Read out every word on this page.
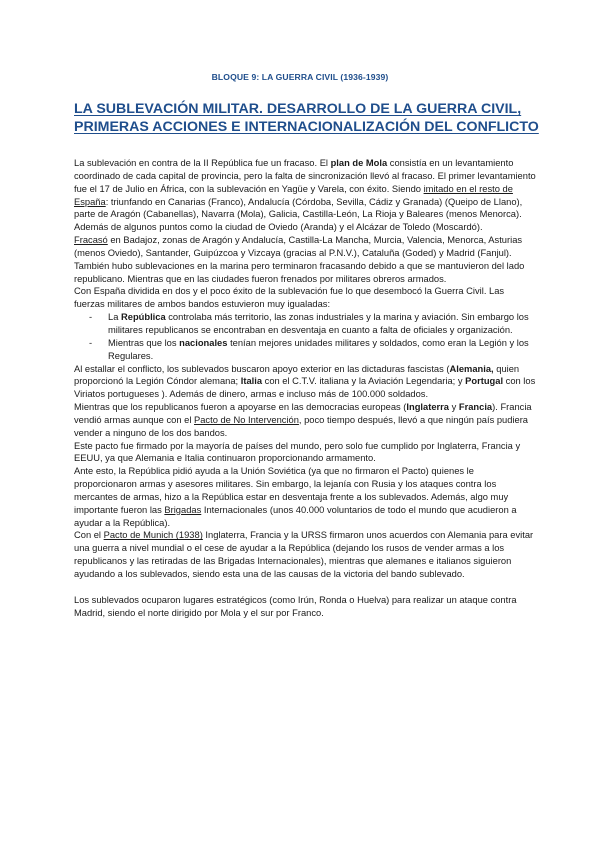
BLOQUE 9: LA GUERRA CIVIL (1936-1939)
LA SUBLEVACIÓN MILITAR. DESARROLLO DE LA GUERRA CIVIL, PRIMERAS ACCIONES E INTERNACIONALIZACIÓN DEL CONFLICTO

La sublevación en contra de la II República fue un fracaso. El plan de Mola consistía en un levantamiento coordinado de cada capital de provincia, pero la falta de sincronización llevó al fracaso. El primer levantamiento fue el 17 de Julio en África, con la sublevación en Yagüe y Varela, con éxito. Siendo imitado en el resto de España: triunfando en Canarias (Franco), Andalucía (Córdoba, Sevilla, Cádiz y Granada) (Queipo de Llano), parte de Aragón (Cabanellas), Navarra (Mola), Galicia, Castilla-León, La Rioja y Baleares (menos Menorca). Además de algunos puntos como la ciudad de Oviedo (Aranda) y el Alcázar de Toledo (Moscardó).

Fracasó en Badajoz, zonas de Aragón y Andalucía, Castilla-La Mancha, Murcia, Valencia, Menorca, Asturias (menos Oviedo), Santander, Guipúzcoa y Vizcaya (gracias al P.N.V.), Cataluña (Goded) y Madrid (Fanjul). También hubo sublevaciones en la marina pero terminaron fracasando debido a que se mantuvieron del lado republicano. Mientras que en las ciudades fueron frenados por militares obreros armados.

Con España dividida en dos y el poco éxito de la sublevación fue lo que desembocó la Guerra Civil. Las fuerzas militares de ambos bandos estuvieron muy igualadas:

- La República controlaba más territorio, las zonas industriales y la marina y aviación. Sin embargo los militares republicanos se encontraban en desventaja en cuanto a falta de oficiales y organización.
- Mientras que los nacionales tenían mejores unidades militares y soldados, como eran la Legión y los Regulares.

Al estallar el conflicto, los sublevados buscaron apoyo exterior en las dictaduras fascistas (Alemania, quien proporcionó la Legión Cóndor alemana; Italia con el C.T.V. italiana y la Aviación Legendaria; y Portugal con los Viriatos portugueses ). Además de dinero, armas e incluso más de 100.000 soldados.

Mientras que los republicanos fueron a apoyarse en las democracias europeas (Inglaterra y Francia). Francia vendió armas aunque con el Pacto de No Intervención, poco tiempo después, llevó a que ningún país pudiera vender a ninguno de los dos bandos.

Este pacto fue firmado por la mayoría de países del mundo, pero solo fue cumplido por Inglaterra, Francia y EEUU, ya que Alemania e Italia continuaron proporcionando armamento.

Ante esto, la República pidió ayuda a la Unión Soviética (ya que no firmaron el Pacto) quienes le proporcionaron armas y asesores militares. Sin embargo, la lejanía con Rusia y los ataques contra los mercantes de armas, hizo a la República estar en desventaja frente a los sublevados. Además, algo muy importante fueron las Brigadas Internacionales (unos 40.000 voluntarios de todo el mundo que acudieron a ayudar a la República).

Con el Pacto de Munich (1938) Inglaterra, Francia y la URSS firmaron unos acuerdos con Alemania para evitar una guerra a nivel mundial o el cese de ayudar a la República (dejando los rusos de vender armas a los republicanos y las retiradas de las Brigadas Internacionales), mientras que alemanes e italianos siguieron ayudando a los sublevados, siendo esta una de las causas de la victoria del bando sublevado.

Los sublevados ocuparon lugares estratégicos (como Irún, Ronda o Huelva) para realizar un ataque contra Madrid, siendo el norte dirigido por Mola y el sur por Franco.
